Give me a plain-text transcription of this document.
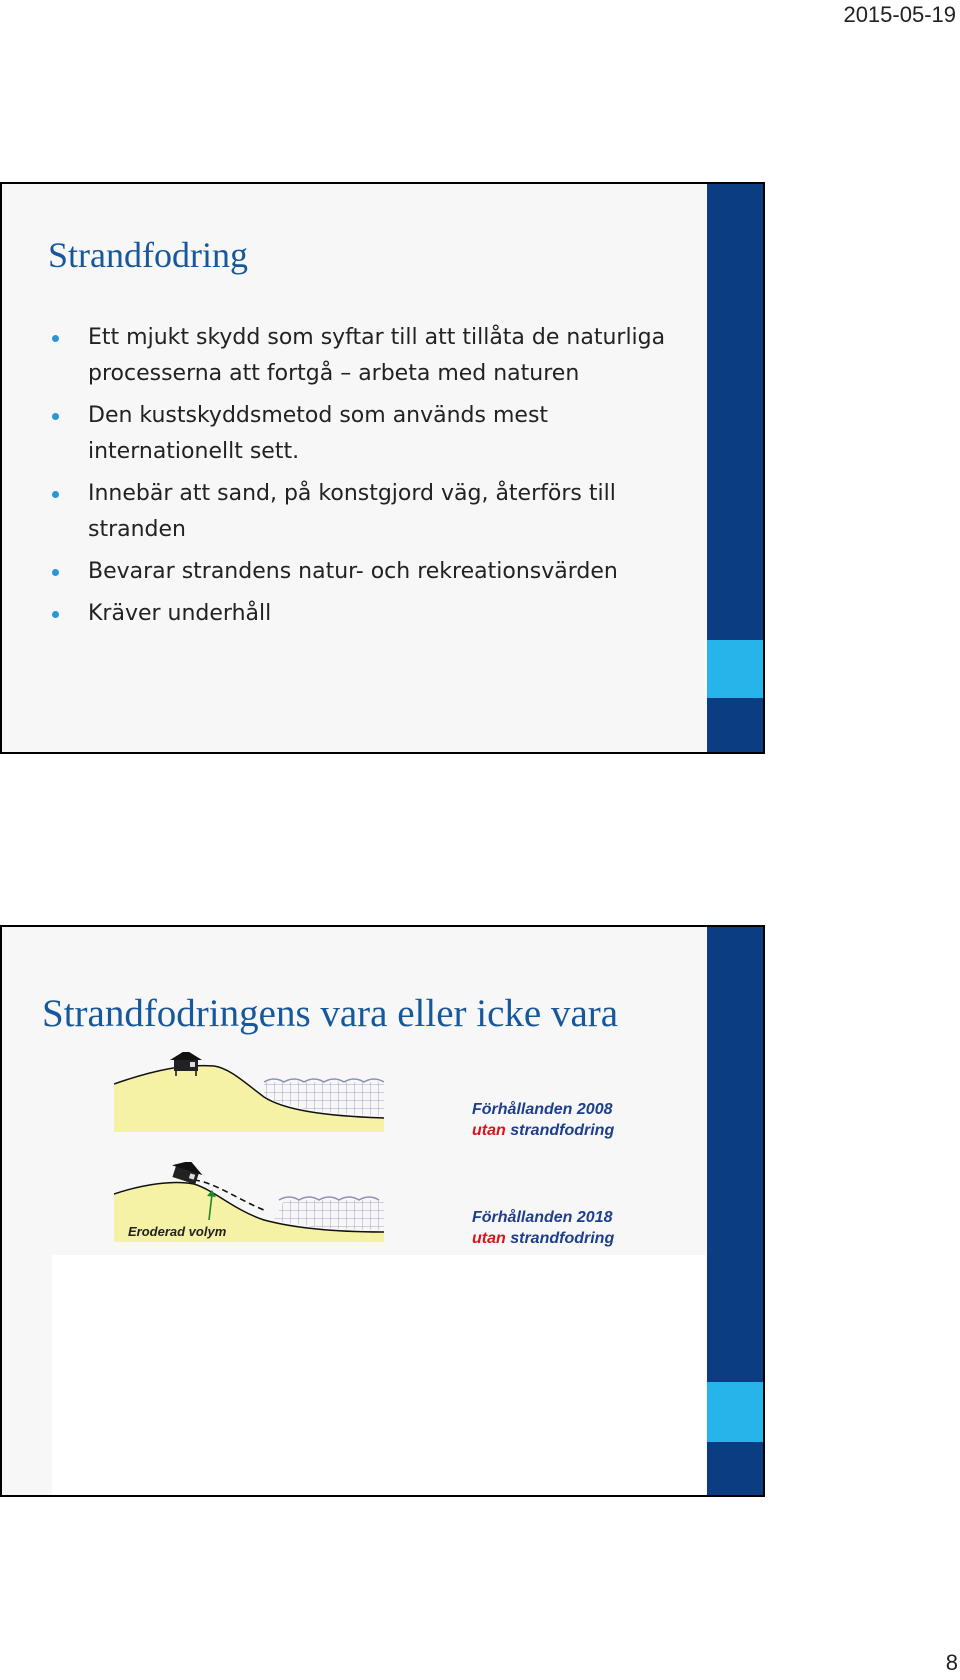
2015-05-19
Strandfodring
Ett mjukt skydd som syftar till att tillåta de naturliga processerna att fortgå – arbeta med naturen
Den kustskyddsmetod som används mest internationellt sett.
Innebär att sand, på konstgjord väg, återförs till stranden
Bevarar strandens natur- och rekreationsvärden
Kräver underhåll
Strandfodringens vara eller icke vara
Eroderad volym
Förhållanden 2008
utan strandfodring
Förhållanden 2018
utan strandfodring
8
